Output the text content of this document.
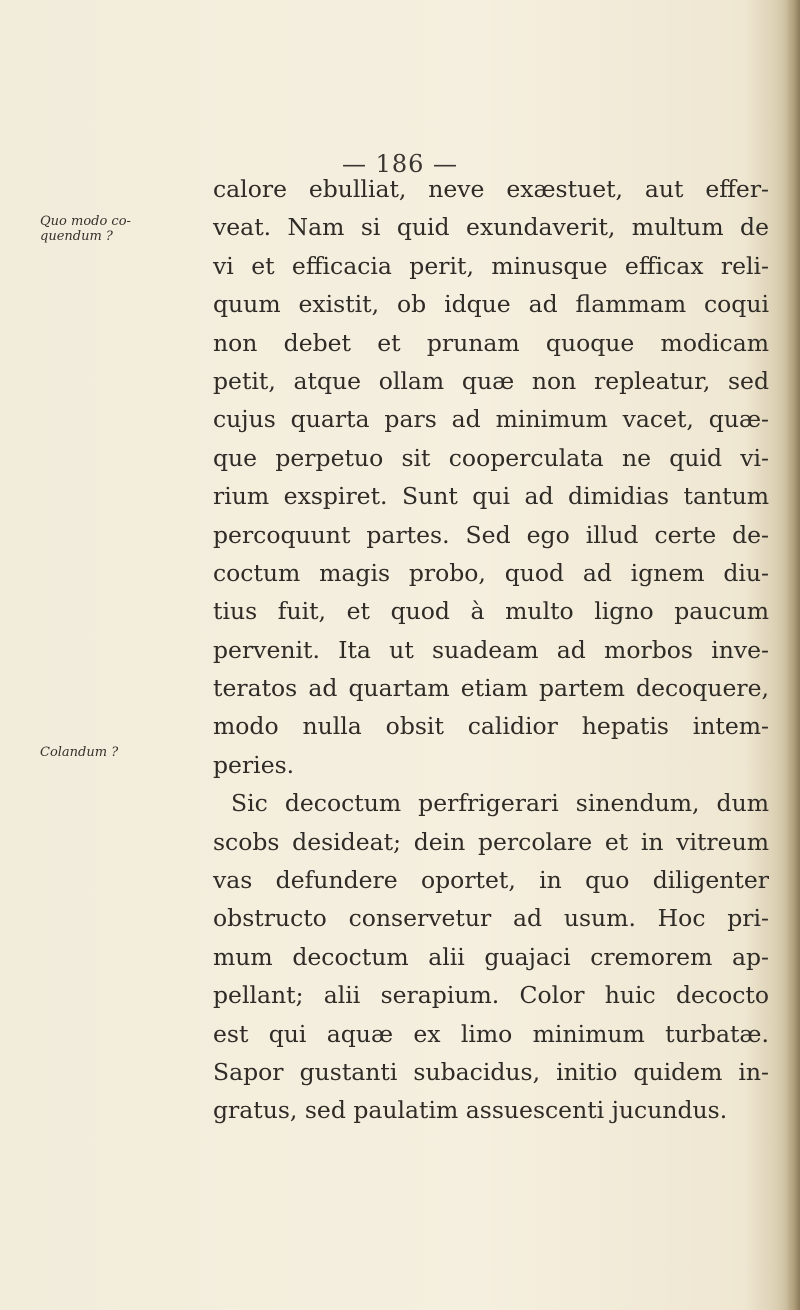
— 186 —
Quo modo co-
quendum ?
Colandum ?
calore ebulliat, neve exæstuet, aut effer-
veat. Nam si quid exundaverit, multum de
vi et efficacia perit, minusque efficax reli-
quum existit, ob idque ad flammam coqui
non debet et prunam quoque modicam
petit, atque ollam quæ non repleatur, sed
cujus quarta pars ad minimum vacet, quæ-
que perpetuo sit cooperculata ne quid vi-
rium exspiret. Sunt qui ad dimidias tantum
percoquunt partes. Sed ego illud certe de-
coctum magis probo, quod ad ignem diu-
tius fuit, et quod à multo ligno paucum
pervenit. Ita ut suadeam ad morbos inve-
teratos ad quartam etiam partem decoquere,
modo nulla obsit calidior hepatis intem-
peries.
Sic decoctum perfrigerari sinendum, dum
scobs desideat; dein percolare et in vitreum
vas defundere oportet, in quo diligenter
obstructo conservetur ad usum. Hoc pri-
mum decoctum alii guajaci cremorem ap-
pellant; alii serapium. Color huic decocto
est qui aquæ ex limo minimum turbatæ.
Sapor gustanti subacidus, initio quidem in-
gratus, sed paulatim assuescenti jucundus.
